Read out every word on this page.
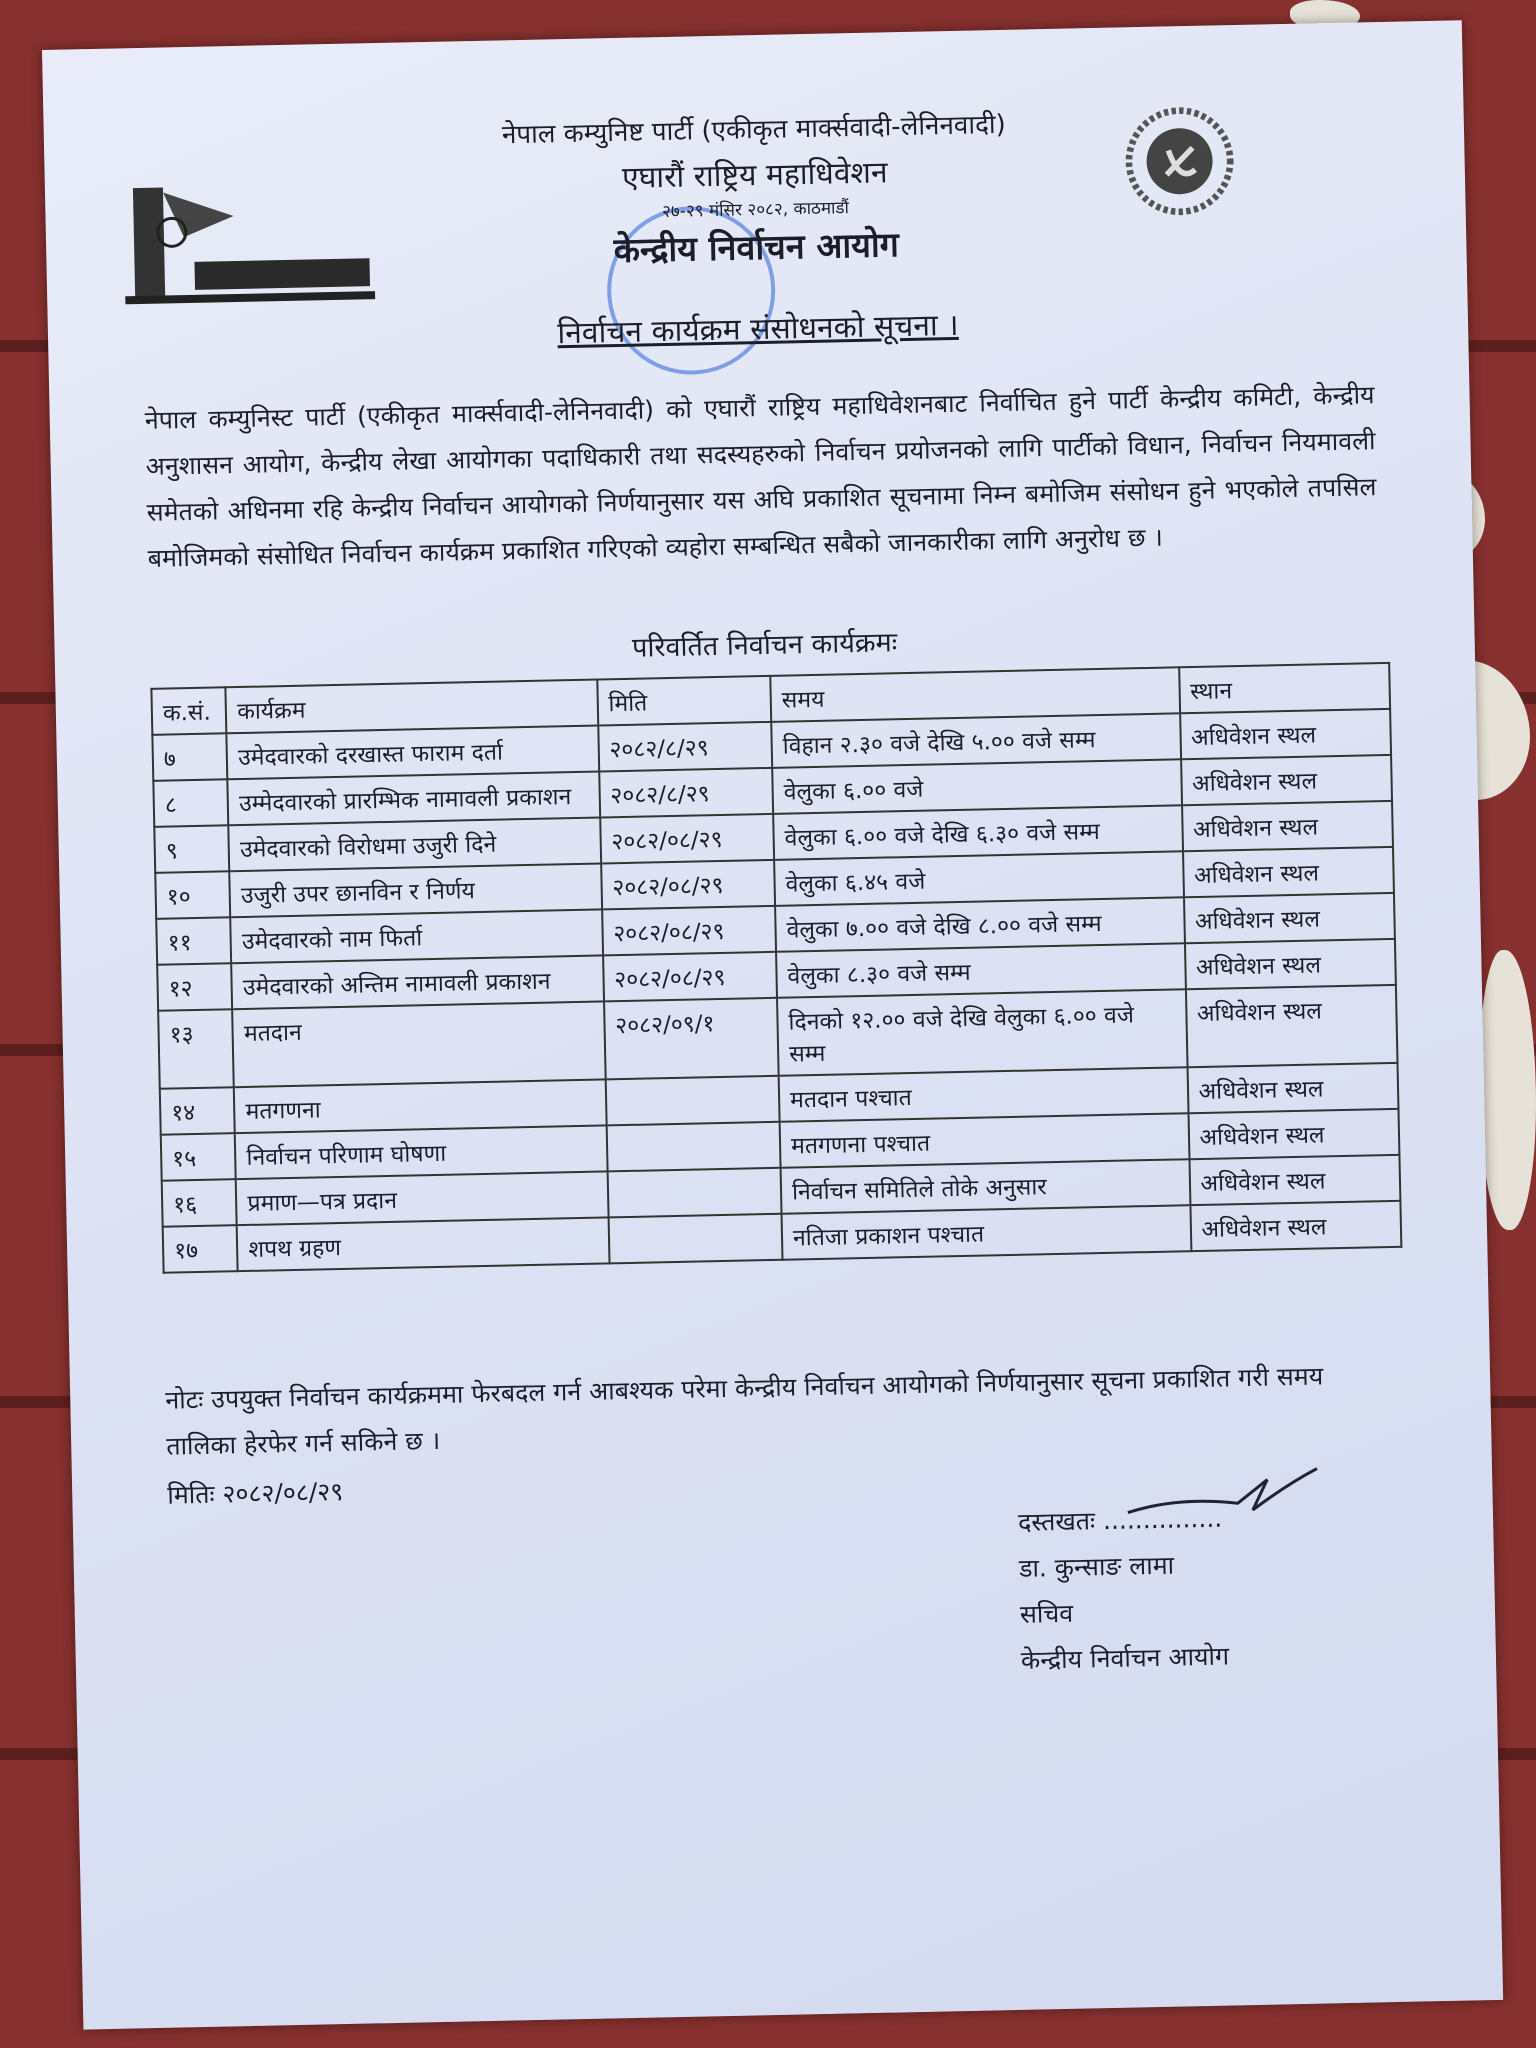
नेपाल कम्युनिष्ट पार्टी (एकीकृत मार्क्सवादी-लेनिनवादी)
एघारौं राष्ट्रिय महाधिवेशन
२७-२९ मंसिर २०८२, काठमाडौं
केन्द्रीय निर्वाचन आयोग
निर्वाचन कार्यक्रम संसोधनको सूचना ।
नेपाल कम्युनिस्ट पार्टी (एकीकृत मार्क्सवादी-लेनिनवादी) को एघारौं राष्ट्रिय महाधिवेशनबाट निर्वाचित हुने पार्टी केन्द्रीय कमिटी, केन्द्रीय अनुशासन आयोग, केन्द्रीय लेखा आयोगका पदाधिकारी तथा सदस्यहरुको निर्वाचन प्रयोजनको लागि पार्टीको विधान, निर्वाचन नियमावली समेतको अधिनमा रहि केन्द्रीय निर्वाचन आयोगको निर्णयानुसार यस अघि प्रकाशित सूचनामा निम्न बमोजिम संसोधन हुने भएकोले तपसिल बमोजिमको संसोधित निर्वाचन कार्यक्रम प्रकाशित गरिएको व्यहोरा सम्बन्धित सबैको जानकारीका लागि अनुरोध छ ।
परिवर्तित निर्वाचन कार्यक्रमः
क.सं.	कार्यक्रम	मिति	समय	स्थान
७	उमेदवारको दरखास्त फाराम दर्ता	२०८२/८/२९	विहान २.३० वजे देखि ५.०० वजे सम्म	अधिवेशन स्थल
८	उम्मेदवारको प्रारम्भिक नामावली प्रकाशन	२०८२/८/२९	वेलुका ६.०० वजे	अधिवेशन स्थल
९	उमेदवारको विरोधमा उजुरी दिने	२०८२/०८/२९	वेलुका ६.०० वजे देखि ६.३० वजे सम्म	अधिवेशन स्थल
१०	उजुरी उपर छानविन र निर्णय	२०८२/०८/२९	वेलुका ६.४५ वजे	अधिवेशन स्थल
११	उमेदवारको नाम फिर्ता	२०८२/०८/२९	वेलुका ७.०० वजे देखि ८.०० वजे सम्म	अधिवेशन स्थल
१२	उमेदवारको अन्तिम नामावली प्रकाशन	२०८२/०८/२९	वेलुका ८.३० वजे सम्म	अधिवेशन स्थल
१३	मतदान	२०८२/०९/१	दिनको १२.०० वजे देखि वेलुका ६.०० वजे सम्म	अधिवेशन स्थल
१४	मतगणना		मतदान पश्चात	अधिवेशन स्थल
१५	निर्वाचन परिणाम घोषणा		मतगणना पश्चात	अधिवेशन स्थल
१६	प्रमाण—पत्र प्रदान		निर्वाचन समितिले तोके अनुसार	अधिवेशन स्थल
१७	शपथ ग्रहण		नतिजा प्रकाशन पश्चात	अधिवेशन स्थल
नोटः उपयुक्त निर्वाचन कार्यक्रममा फेरबदल गर्न आबश्यक परेमा केन्द्रीय निर्वाचन आयोगको निर्णयानुसार सूचना प्रकाशित गरी समय तालिका हेरफेर गर्न सकिने छ ।
मितिः २०८२/०८/२९
दस्तखतः ...............
डा. कुन्साङ लामा
सचिव
केन्द्रीय निर्वाचन आयोग
